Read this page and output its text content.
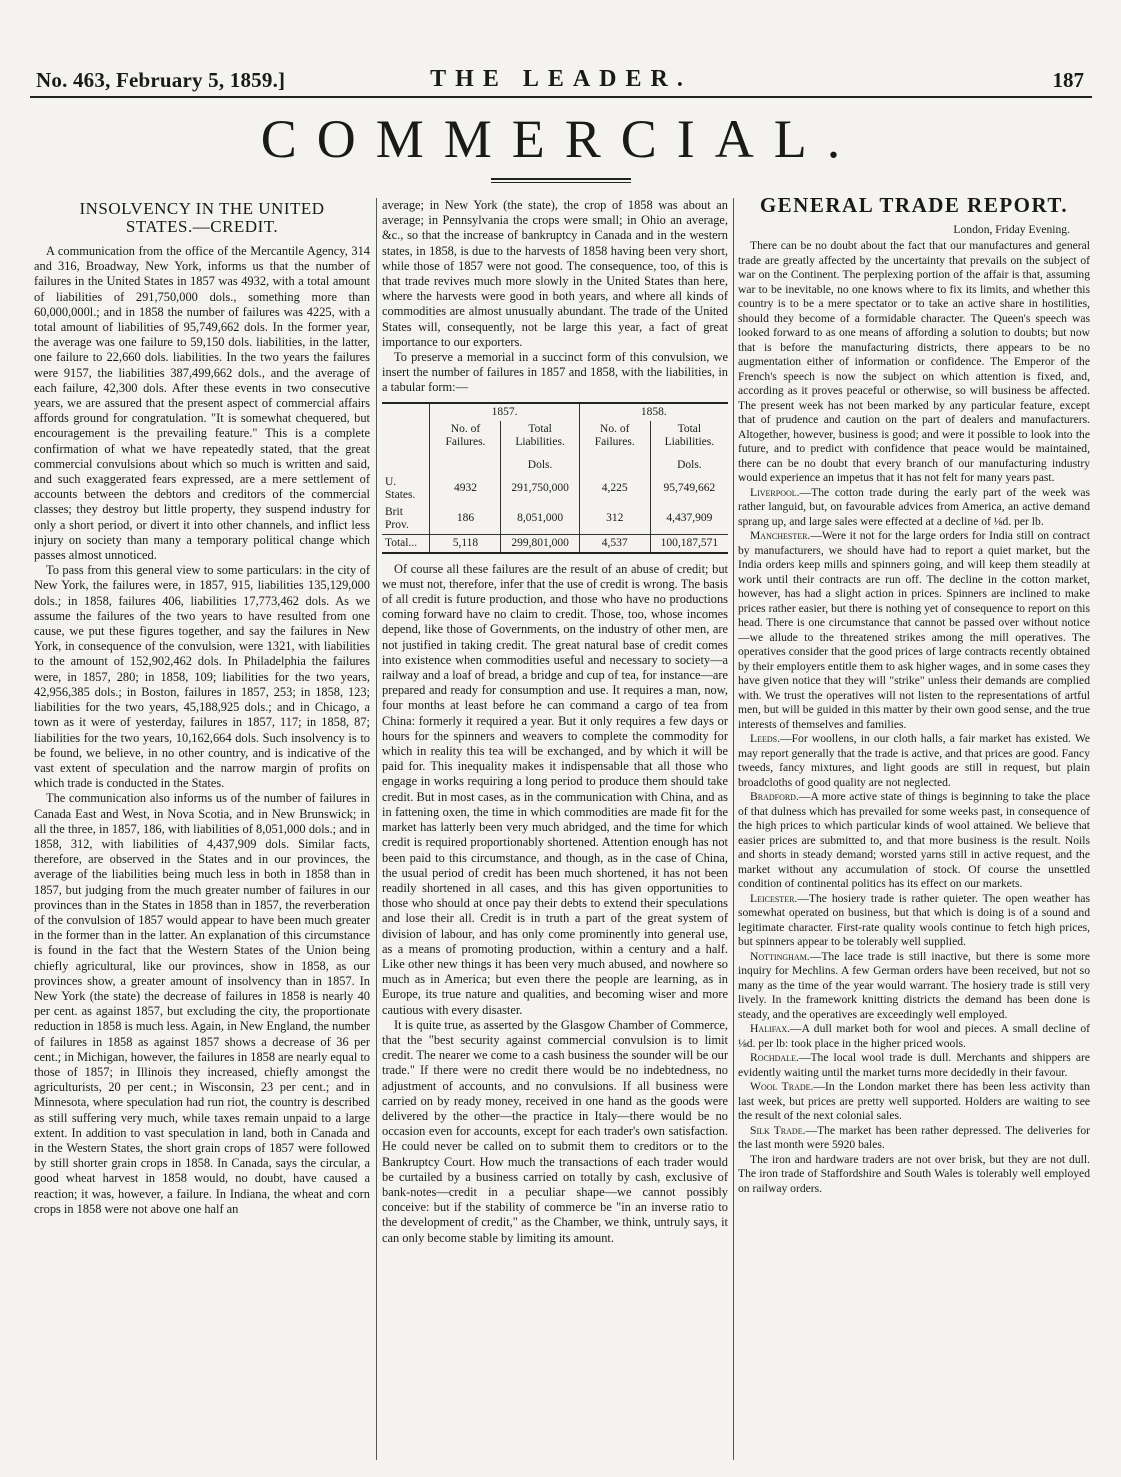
No. 463, February 5, 1859.]	THE LEADER.	187
COMMERCIAL.
INSOLVENCY IN THE UNITED
STATES.—CREDIT.

A communication from the office of the Mercantile Agency, 314 and 316, Broadway, New York, informs us that the number of failures in the United States in 1857 was 4932, with a total amount of liabilities of 291,750,000 dols., something more than 60,000,000l.; and in 1858 the number of failures was 4225, with a total amount of liabilities of 95,749,662 dols. In the former year, the average was one failure to 59,150 dols. liabilities, in the latter, one failure to 22,660 dols. liabilities. In the two years the failures were 9157, the liabilities 387,499,662 dols., and the average of each failure, 42,300 dols. After these events in two consecutive years, we are assured that the present aspect of commercial affairs affords ground for congratulation. "It is somewhat chequered, but encouragement is the prevailing feature." This is a complete confirmation of what we have repeatedly stated, that the great commercial convulsions about which so much is written and said, and such exaggerated fears expressed, are a mere settlement of accounts between the debtors and creditors of the commercial classes; they destroy but little property, they suspend industry for only a short period, or divert it into other channels, and inflict less injury on society than many a temporary political change which passes almost unnoticed.

To pass from this general view to some particulars: in the city of New York, the failures were, in 1857, 915, liabilities 135,129,000 dols.; in 1858, failures 406, liabilities 17,773,462 dols. As we assume the failures of the two years to have resulted from one cause, we put these figures together, and say the failures in New York, in consequence of the convulsion, were 1321, with liabilities to the amount of 152,902,462 dols. In Philadelphia the failures were, in 1857, 280; in 1858, 109; liabilities for the two years, 42,956,385 dols.; in Boston, failures in 1857, 253; in 1858, 123; liabilities for the two years, 45,188,925 dols.; and in Chicago, a town as it were of yesterday, failures in 1857, 117; in 1858, 87; liabilities for the two years, 10,162,664 dols. Such insolvency is to be found, we believe, in no other country, and is indicative of the vast extent of speculation and the narrow margin of profits on which trade is conducted in the States.

The communication also informs us of the number of failures in Canada East and West, in Nova Scotia, and in New Brunswick; in all the three, in 1857, 186, with liabilities of 8,051,000 dols.; and in 1858, 312, with liabilities of 4,437,909 dols. Similar facts, therefore, are observed in the States and in our provinces, the average of the liabilities being much less in both in 1858 than in 1857, but judging from the much greater number of failures in our provinces than in the States in 1858 than in 1857, the reverberation of the convulsion of 1857 would appear to have been much greater in the former than in the latter. An explanation of this circumstance is found in the fact that the Western States of the Union being chiefly agricultural, like our provinces, show in 1858, as our provinces show, a greater amount of insolvency than in 1857. In New York (the state) the decrease of failures in 1858 is nearly 40 per cent. as against 1857, but excluding the city, the proportionate reduction in 1858 is much less. Again, in New England, the number of failures in 1858 as against 1857 shows a decrease of 36 per cent.; in Michigan, however, the failures in 1858 are nearly equal to those of 1857; in Illinois they increased, chiefly amongst the agriculturists, 20 per cent.; in Wisconsin, 23 per cent.; and in Minnesota, where speculation had run riot, the country is described as still suffering very much, while taxes remain unpaid to a large extent. In addition to vast speculation in land, both in Canada and in the Western States, the short grain crops of 1857 were followed by still shorter grain crops in 1858. In Canada, says the circular, a good wheat harvest in 1858 would, no doubt, have caused a reaction; it was, however, a failure. In Indiana, the wheat and corn crops in 1858 were not above one half an

average; in New York (the state), the crop of 1858 was about an average; in Pennsylvania the crops were small; in Ohio an average, &c., so that the increase of bankruptcy in Canada and in the western states, in 1858, is due to the harvests of 1858 having been very short, while those of 1857 were not good. The consequence, too, of this is that trade revives much more slowly in the United States than here, where the harvests were good in both years, and where all kinds of commodities are almost unusually abundant. The trade of the United States will, consequently, not be large this year, a fact of great importance to our exporters.

To preserve a memorial in a succinct form of this convulsion, we insert the number of failures in 1857 and 1858, with the liabilities, in a tabular form:—

	1857.		1858.	
	No. of Failures.	Total Liabilities.	No. of Failures.	Total Liabilities.
		Dols.		Dols.
U. States.	4932	291,750,000	4,225	95,749,662
Brit Prov.	186	8,051,000	312	4,437,909
Total...	5,118	299,801,000	4,537	100,187,571

Of course all these failures are the result of an abuse of credit; but we must not, therefore, infer that the use of credit is wrong. The basis of all credit is future production, and those who have no productions coming forward have no claim to credit. Those, too, whose incomes depend, like those of Governments, on the industry of other men, are not justified in taking credit. The great natural base of credit comes into existence when commodities useful and necessary to society—a railway and a loaf of bread, a bridge and cup of tea, for instance—are prepared and ready for consumption and use. It requires a man, now, four months at least before he can command a cargo of tea from China: formerly it required a year. But it only requires a few days or hours for the spinners and weavers to complete the commodity for which in reality this tea will be exchanged, and by which it will be paid for. This inequality makes it indispensable that all those who engage in works requiring a long period to produce them should take credit. But in most cases, as in the communication with China, and as in fattening oxen, the time in which commodities are made fit for the market has latterly been very much abridged, and the time for which credit is required proportionably shortened. Attention enough has not been paid to this circumstance, and though, as in the case of China, the usual period of credit has been much shortened, it has not been readily shortened in all cases, and this has given opportunities to those who should at once pay their debts to extend their speculations and lose their all. Credit is in truth a part of the great system of division of labour, and has only come prominently into general use, as a means of promoting production, within a century and a half. Like other new things it has been very much abused, and nowhere so much as in America; but even there the people are learning, as in Europe, its true nature and qualities, and becoming wiser and more cautious with every disaster.

It is quite true, as asserted by the Glasgow Chamber of Commerce, that the "best security against commercial convulsion is to limit credit. The nearer we come to a cash business the sounder will be our trade." If there were no credit there would be no indebtedness, no adjustment of accounts, and no convulsions. If all business were carried on by ready money, received in one hand as the goods were delivered by the other—the practice in Italy—there would be no occasion even for accounts, except for each trader's own satisfaction. He could never be called on to submit them to creditors or to the Bankruptcy Court. How much the transactions of each trader would be curtailed by a business carried on totally by cash, exclusive of bank-notes—credit in a peculiar shape—we cannot possibly conceive: but if the stability of commerce be "in an inverse ratio to the development of credit," as the Chamber, we think, untruly says, it can only become stable by limiting its amount.

GENERAL TRADE REPORT.
London, Friday Evening.

There can be no doubt about the fact that our manufactures and general trade are greatly affected by the uncertainty that prevails on the subject of war on the Continent. The perplexing portion of the affair is that, assuming war to be inevitable, no one knows where to fix its limits, and whether this country is to be a mere spectator or to take an active share in hostilities, should they become of a formidable character. The Queen's speech was looked forward to as one means of affording a solution to doubts; but now that is before the manufacturing districts, there appears to be no augmentation either of information or confidence. The Emperor of the French's speech is now the subject on which attention is fixed, and, according as it proves peaceful or otherwise, so will business be affected. The present week has not been marked by any particular feature, except that of prudence and caution on the part of dealers and manufacturers. Altogether, however, business is good; and were it possible to look into the future, and to predict with confidence that peace would be maintained, there can be no doubt that every branch of our manufacturing industry would experience an impetus that it has not felt for many years past.

Liverpool.—The cotton trade during the early part of the week was rather languid, but, on favourable advices from America, an active demand sprang up, and large sales were effected at a decline of ⅛d. per lb.

Manchester.—Were it not for the large orders for India still on contract by manufacturers, we should have had to report a quiet market, but the India orders keep mills and spinners going, and will keep them steadily at work until their contracts are run off. The decline in the cotton market, however, has had a slight action in prices. Spinners are inclined to make prices rather easier, but there is nothing yet of consequence to report on this head. There is one circumstance that cannot be passed over without notice—we allude to the threatened strikes among the mill operatives. The operatives consider that the good prices of large contracts recently obtained by their employers entitle them to ask higher wages, and in some cases they have given notice that they will "strike" unless their demands are complied with. We trust the operatives will not listen to the representations of artful men, but will be guided in this matter by their own good sense, and the true interests of themselves and families.

Leeds.—For woollens, in our cloth halls, a fair market has existed. We may report generally that the trade is active, and that prices are good. Fancy tweeds, fancy mixtures, and light goods are still in request, but plain broadcloths of good quality are not neglected.

Bradford.—A more active state of things is beginning to take the place of that dulness which has prevailed for some weeks past, in consequence of the high prices to which particular kinds of wool attained. We believe that easier prices are submitted to, and that more business is the result. Noils and shorts in steady demand; worsted yarns still in active request, and the market without any accumulation of stock. Of course the unsettled condition of continental politics has its effect on our markets.

Leicester.—The hosiery trade is rather quieter. The open weather has somewhat operated on business, but that which is doing is of a sound and legitimate character. First-rate quality wools continue to fetch high prices, but spinners appear to be tolerably well supplied.

Nottingham.—The lace trade is still inactive, but there is some more inquiry for Mechlins. A few German orders have been received, but not so many as the time of the year would warrant. The hosiery trade is still very lively. In the framework knitting districts the demand has been done is steady, and the operatives are exceedingly well employed.

Halifax.—A dull market both for wool and pieces. A small decline of ⅛d. per lb: took place in the higher priced wools.

Rochdale.—The local wool trade is dull. Merchants and shippers are evidently waiting until the market turns more decidedly in their favour.

Wool Trade.—In the London market there has been less activity than last week, but prices are pretty well supported. Holders are waiting to see the result of the next colonial sales.

Silk Trade.—The market has been rather depressed. The deliveries for the last month were 5920 bales.

The iron and hardware traders are not over brisk, but they are not dull. The iron trade of Staffordshire and South Wales is tolerably well employed on railway orders.
